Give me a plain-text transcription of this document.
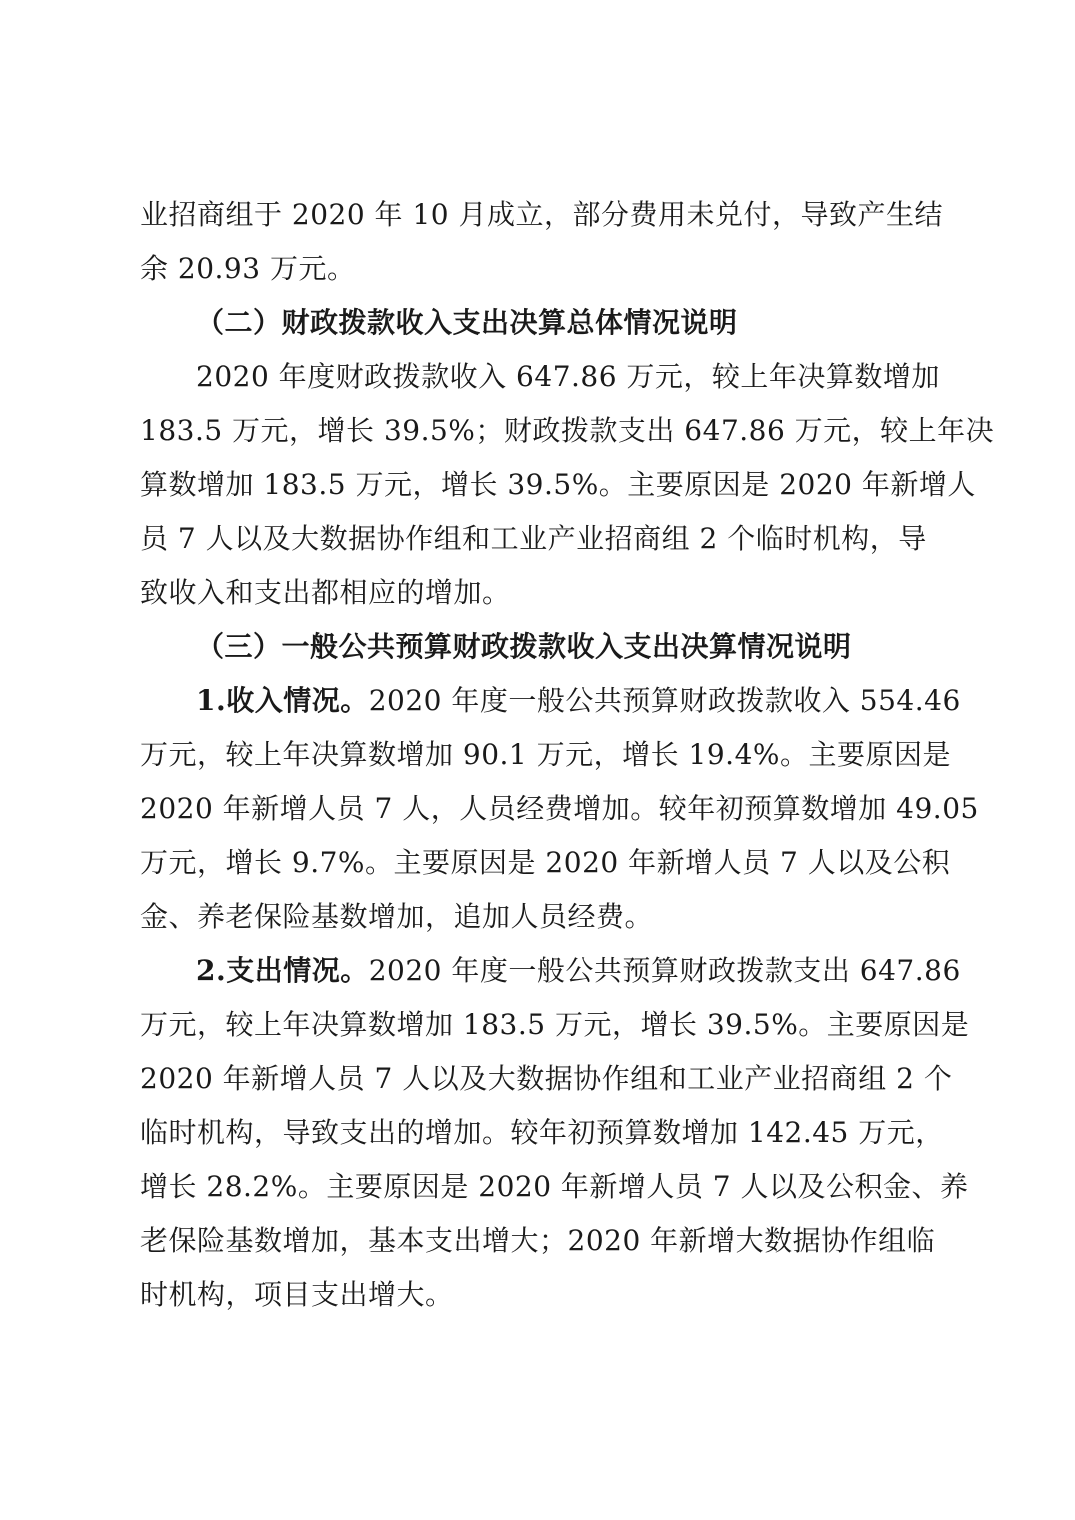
业招商组于 2020 年 10 月成立，部分费用未兑付，导致产生结
余 20.93 万元。
（二）财政拨款收入支出决算总体情况说明
2020 年度财政拨款收入 647.86 万元，较上年决算数增加
183.5 万元，增长 39.5%；财政拨款支出 647.86 万元，较上年决
算数增加 183.5 万元，增长 39.5%。主要原因是 2020 年新增人
员 7 人以及大数据协作组和工业产业招商组 2 个临时机构，导
致收入和支出都相应的增加。
（三）一般公共预算财政拨款收入支出决算情况说明
1.收入情况。2020 年度一般公共预算财政拨款收入 554.46
万元，较上年决算数增加 90.1 万元，增长 19.4%。主要原因是
2020 年新增人员 7 人，人员经费增加。较年初预算数增加 49.05
万元，增长 9.7%。主要原因是 2020 年新增人员 7 人以及公积
金、养老保险基数增加，追加人员经费。
2.支出情况。2020 年度一般公共预算财政拨款支出 647.86
万元，较上年决算数增加 183.5 万元，增长 39.5%。主要原因是
2020 年新增人员 7 人以及大数据协作组和工业产业招商组 2 个
临时机构，导致支出的增加。较年初预算数增加 142.45 万元，
增长 28.2%。主要原因是 2020 年新增人员 7 人以及公积金、养
老保险基数增加，基本支出增大；2020 年新增大数据协作组临
时机构，项目支出增大。
